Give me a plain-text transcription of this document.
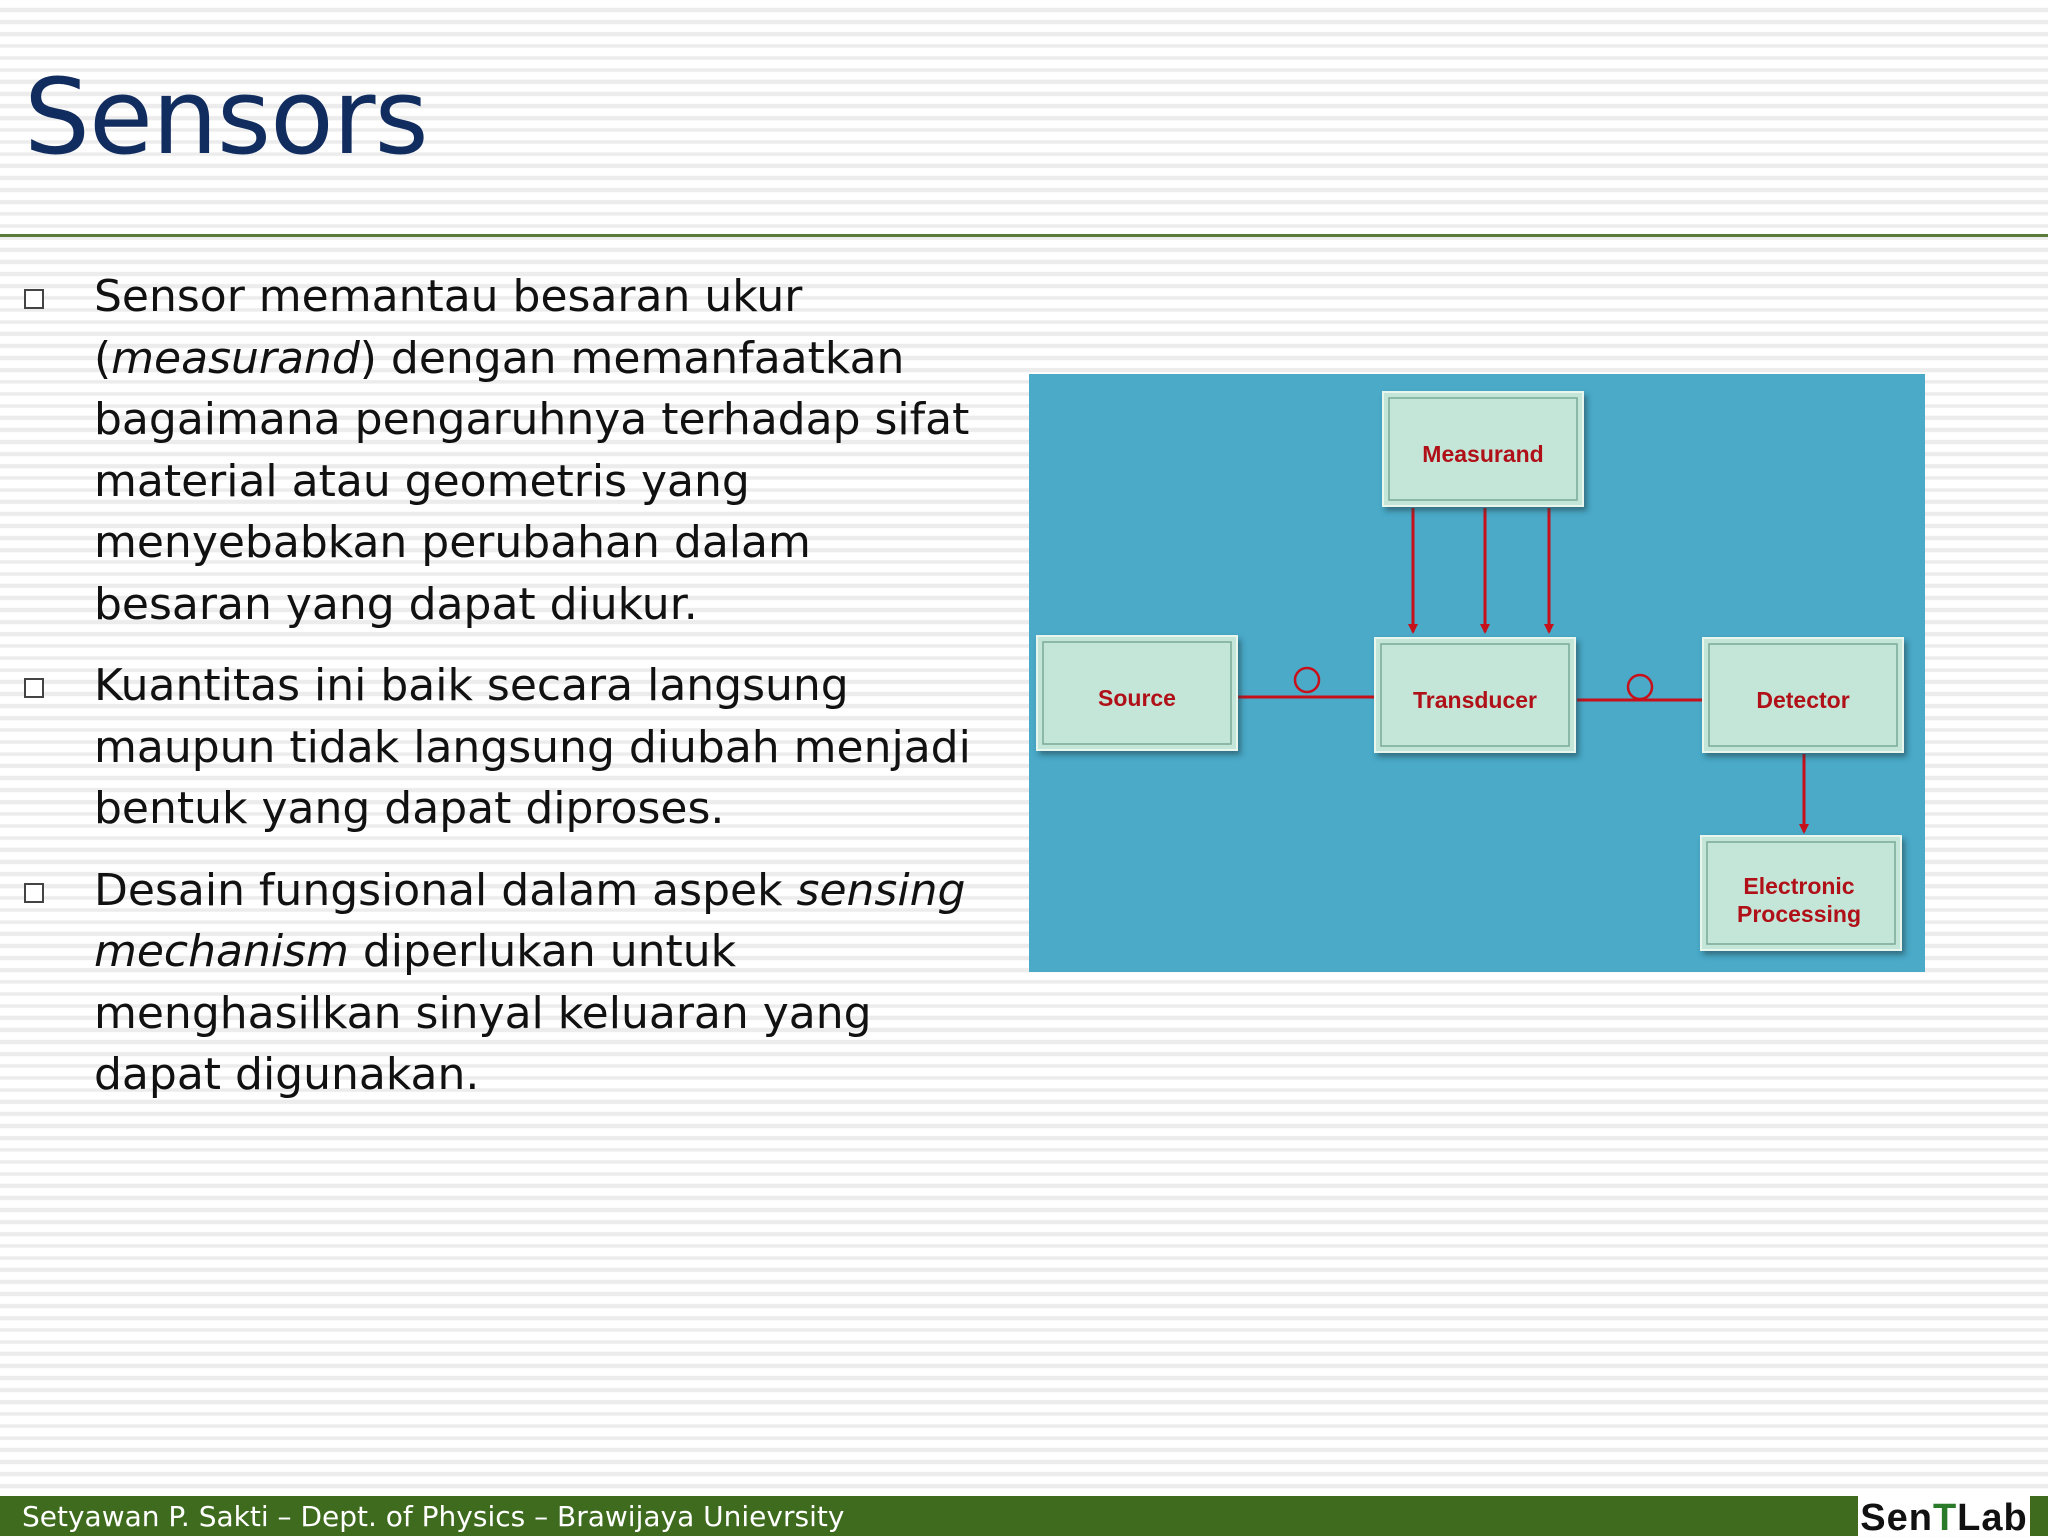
Sensors
Sensor memantau besaran ukur (measurand) dengan memanfaatkan bagaimana pengaruhnya terhadap sifat material atau geometris yang menyebabkan perubahan dalam besaran yang dapat diukur.
Kuantitas ini baik secara langsung maupun tidak langsung diubah menjadi bentuk yang dapat diproses.
Desain fungsional dalam aspek sensing mechanism diperlukan untuk menghasilkan sinyal keluaran yang dapat digunakan.
Measurand
Source	Transducer	Detector
Electronic
Processing
Setyawan P. Sakti – Dept. of Physics – Brawijaya Unievrsity	SenTLab
